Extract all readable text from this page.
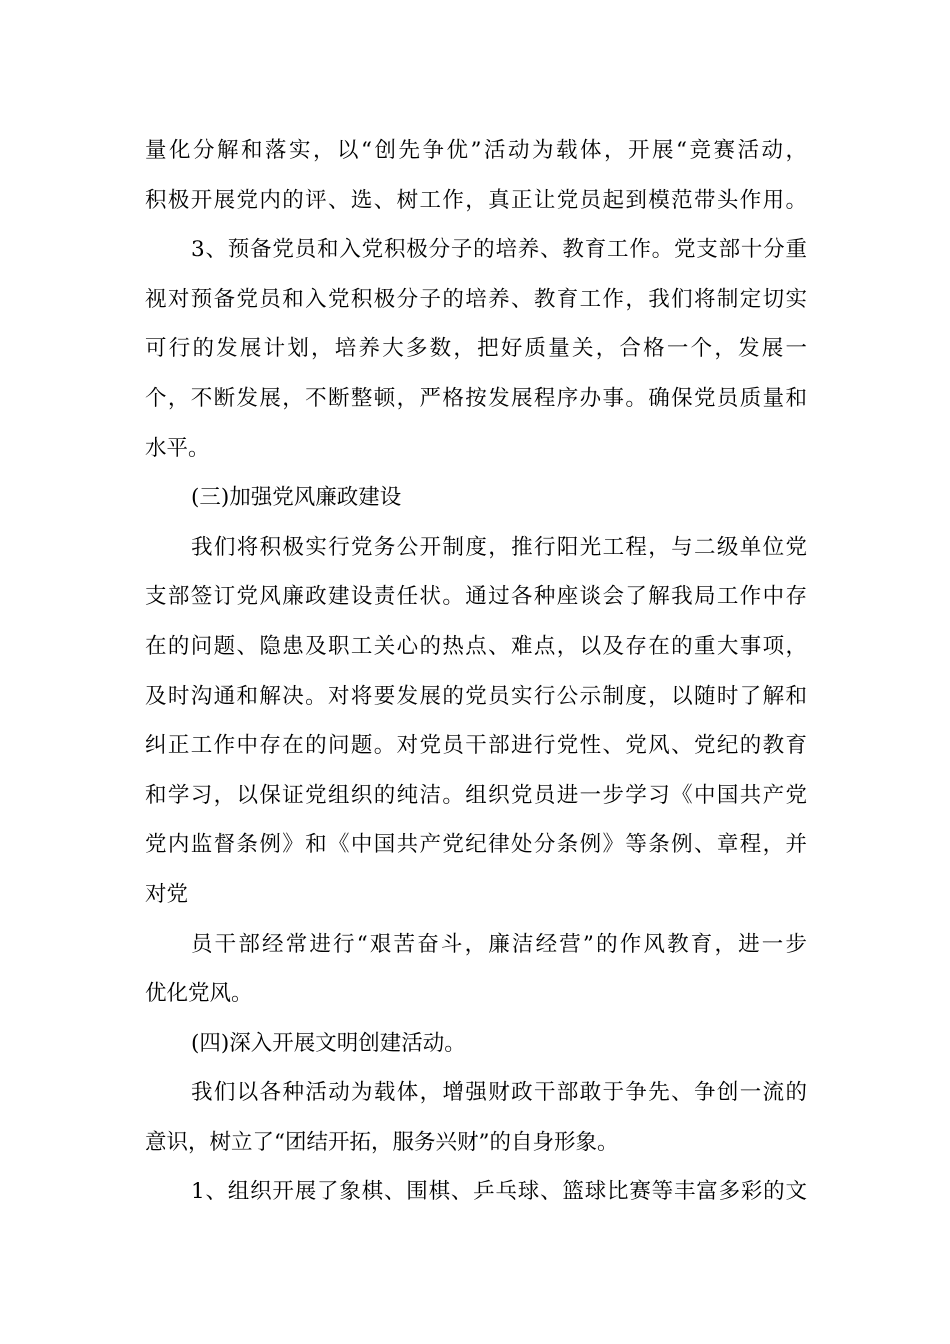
量化分解和落实，以“创先争优”活动为载体，开展“竞赛活动，
积极开展党内的评、选、树工作，真正让党员起到模范带头作用。
3、预备党员和入党积极分子的培养、教育工作。党支部十分重
视对预备党员和入党积极分子的培养、教育工作，我们将制定切实
可行的发展计划，培养大多数，把好质量关，合格一个，发展一
个，不断发展，不断整顿，严格按发展程序办事。确保党员质量和
水平。
(三)加强党风廉政建设
我们将积极实行党务公开制度，推行阳光工程，与二级单位党
支部签订党风廉政建设责任状。通过各种座谈会了解我局工作中存
在的问题、隐患及职工关心的热点、难点，以及存在的重大事项，
及时沟通和解决。对将要发展的党员实行公示制度，以随时了解和
纠正工作中存在的问题。对党员干部进行党性、党风、党纪的教育
和学习，以保证党组织的纯洁。组织党员进一步学习《中国共产党
党内监督条例》和《中国共产党纪律处分条例》等条例、章程，并
对党
员干部经常进行“艰苦奋斗，廉洁经营”的作风教育，进一步
优化党风。
(四)深入开展文明创建活动。
我们以各种活动为载体，增强财政干部敢于争先、争创一流的
意识，树立了“团结开拓，服务兴财”的自身形象。
1、组织开展了象棋、围棋、乒乓球、篮球比赛等丰富多彩的文
